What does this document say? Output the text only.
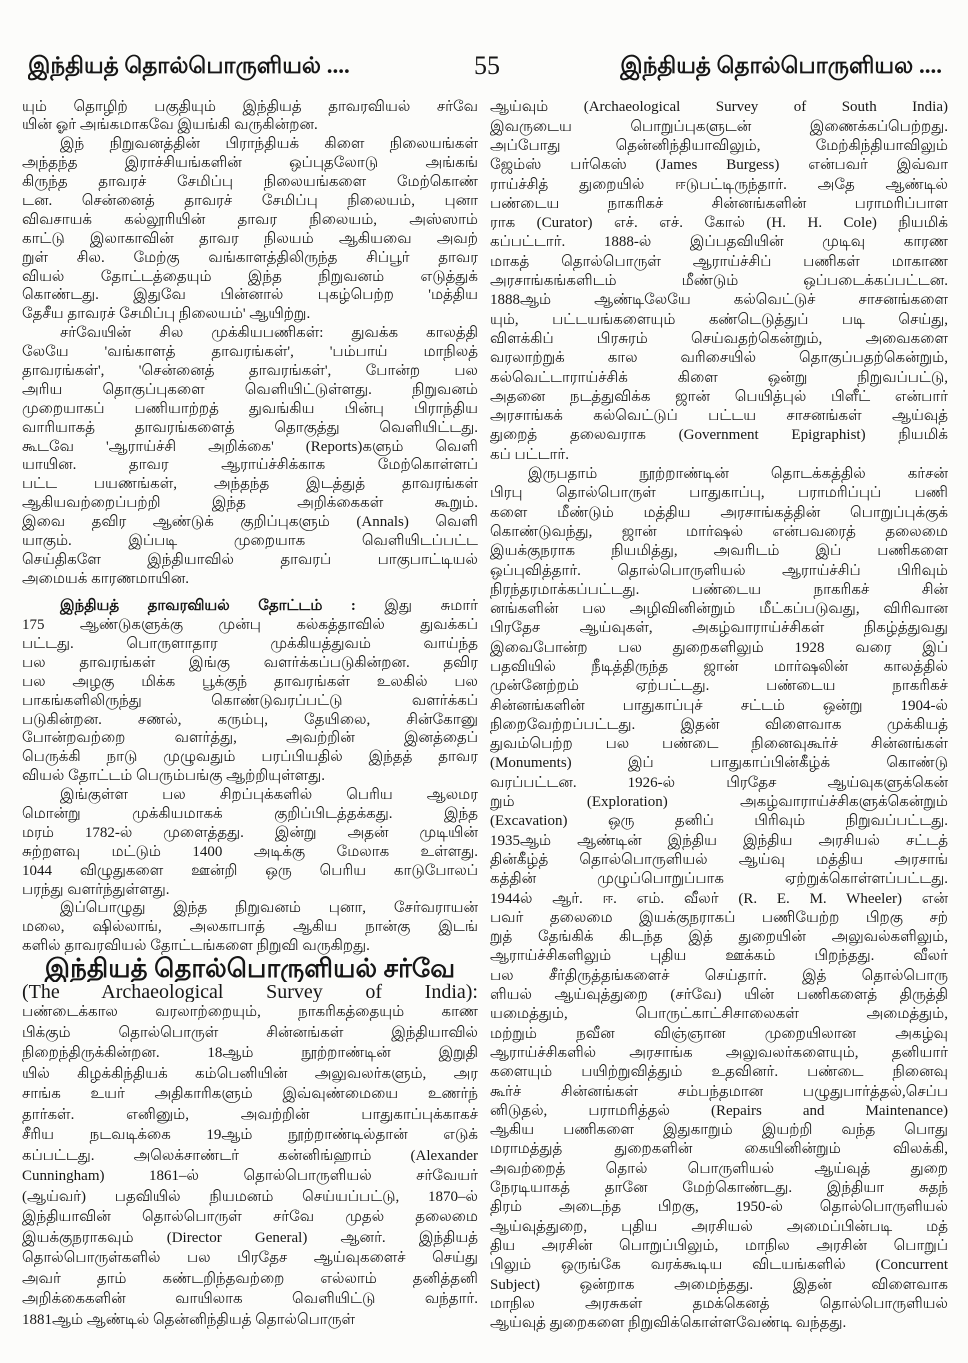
இந்தியத் தொல்பொருளியல் ....	55	இந்தியத் தொல்பொருளியல ....
யும் தொழிற் பகுதியும் இந்தியத் தாவரவியல் சர்வே
யின் ஓர் அங்கமாகவே இயங்கி வருகின்றன.
இந் நிறுவனத்தின் பிராந்தியக் கிளை நிலையங்கள்
அந்தந்த இராச்சியங்களின் ஒப்புதலோடு அங்கங்
கிருந்த தாவரச் சேமிப்பு நிலையங்களை மேற்கொண்
டன. சென்னைத் தாவரச் சேமிப்பு நிலையம், புனா
விவசாயக் கல்லூரியின் தாவர நிலையம், அஸ்ஸாம்
காட்டு இலாகாவின் தாவர நிலயம் ஆகியவை அவற்
றுள் சில. மேற்கு வங்காளத்திலிருந்த சிப்பூர் தாவர
வியல் தோட்டத்தையும் இந்த நிறுவனம் எடுத்துக்
கொண்டது. இதுவே பின்னால் புகழ்பெற்ற 'மத்திய
தேசீய தாவரச் சேமிப்பு நிலையம்' ஆயிற்று.
சர்வேயின் சில முக்கியபணிகள்: துவக்க காலத்தி
லேயே 'வங்காளத் தாவரங்கள்', 'பம்பாய் மாநிலத்
தாவரங்கள்', 'சென்னைத் தாவரங்கள்', போன்ற பல
அரிய தொகுப்புகளை வெளியிட்டுள்ளது. நிறுவனம்
முறையாகப் பணியாற்றத் துவங்கிய பின்பு பிராந்திய
வாரியாகத் தாவரங்களைத் தொகுத்து வெளியிட்டது.
கூடவே 'ஆராய்ச்சி அறிக்கை' (Reports)களும் வெளி
யாயின. தாவர ஆராய்ச்சிக்காக மேற்கொள்ளப்
பட்ட பயணங்கள், அந்தந்த இடத்துத் தாவரங்கள்
ஆகியவற்றைப்பற்றி இந்த அறிக்கைகள் கூறும்.
இவை தவிர ஆண்டுக் குறிப்புகளும் (Annals) வெளி
யாகும். இப்படி முறையாக வெளியிடப்பட்ட
செய்திகளே இந்தியாவில் தாவரப் பாகுபாட்டியல்
அமையக் காரணமாயின.
இந்தியத் தாவரவியல் தோட்டம் : இது சுமார்
175 ஆண்டுகளுக்கு முன்பு கல்கத்தாவில் துவக்கப்
பட்டது. பொருளாதார முக்கியத்துவம் வாய்ந்த
பல தாவரங்கள் இங்கு வளர்க்கப்படுகின்றன. தவிர
பல அழகு மிக்க பூக்குந் தாவரங்கள் உலகில் பல
பாகங்களிலிருந்து கொண்டுவரப்பட்டு வளர்க்கப்
படுகின்றன. சணல், கரும்பு, தேயிலை, சின்கோனு
போன்றவற்றை வளர்த்து, அவற்றின் இனத்தைப்
பெருக்கி நாடு முழுவதும் பரப்பியதில் இந்தத் தாவர
வியல் தோட்டம் பெரும்பங்கு ஆற்றியுள்ளது.
இங்குள்ள பல சிறப்புக்களில் பெரிய ஆலமர
மொன்று முக்கியமாகக் குறிப்பிடத்தக்கது. இந்த
மரம் 1782-ல் முளைத்தது. இன்று அதன் முடியின்
சுற்றளவு மட்டும் 1400 அடிக்கு மேலாக உள்ளது.
1044 விழுதுகளை ஊன்றி ஒரு பெரிய காடுபோலப்
பரந்து வளர்ந்துள்ளது.
இப்பொழுது இந்த நிறுவனம் புனா, சேர்வராயன்
மலை, ஷில்லாங், அலகாபாத் ஆகிய நான்கு இடங்
களில் தாவரவியல் தோட்டங்களை நிறுவி வருகிறது.
இந்தியத் தொல்பொருளியல் சர்வே
(The Archaeological Survey of India):
பண்டைக்கால வரலாற்றையும், நாகரிகத்தையும் காண
பிக்கும் தொல்பொருள் சின்னங்கள் இந்தியாவில்
நிறைந்திருக்கின்றன. 18ஆம் நூற்றாண்டின் இறுதி
யில் கிழக்கிந்தியக் கம்பெனியின் அலுவலர்களும், அர
சாங்க உயர் அதிகாரிகளும் இவ்வுண்மையை உணர்ந்
தார்கள். எனினும், அவற்றின் பாதுகாப்புக்காகச்
சீரிய நடவடிக்கை 19ஆம் நூற்றாண்டில்தான் எடுக்
கப்பட்டது. அலெக்சாண்டர் கன்னிங்ஹாம் (Alexander
Cunningham) 1861–ல் தொல்பொருளியல் சர்வேயர்
(ஆய்வர்) பதவியில் நியமனம் செய்யப்பட்டு, 1870–ல்
இந்தியாவின் தொல்பொருள் சர்வே முதல் தலைமை
இயக்குநராகவும் (Director General) ஆனர். இந்தியத்
தொல்பொருள்களில் பல பிரதேச ஆய்வுகளைச் செய்து
அவர் தாம் கண்டறிந்தவற்றை எல்லாம் தனித்தனி
அறிக்கைகளின் வாயிலாக வெளியிட்டு வந்தார்.
1881ஆம் ஆண்டில் தென்னிந்தியத் தொல்பொருள்
ஆய்வும் (Archaeological Survey of South India)
இவருடைய பொறுப்புகளுடன் இணைக்கப்பெற்றது.
அப்போது தென்னிந்தியாவிலும், மேற்கிந்தியாவிலும்
ஜேம்ஸ் பர்கெஸ் (James Burgess) என்பவர் இவ்வா
ராய்ச்சித் துறையில் ஈடுபட்டிருந்தார். அதே ஆண்டில்
பண்டைய நாகரிகச் சின்னங்களின் பராமரிப்பாள
ராக (Curator) எச். எச். கோல் (H. H. Cole) நியமிக்
கப்பட்டார். 1888-ல் இப்பதவியின் முடிவு காரண
மாகத் தொல்பொருள் ஆராய்ச்சிப் பணிகள் மாகாண
அரசாங்கங்களிடம் மீண்டும் ஒப்படைக்கப்பட்டன.
1888ஆம் ஆண்டிலேயே கல்வெட்டுச் சாசனங்களை
யும், பட்டயங்களையும் கண்டெடுத்துப் படி செய்து,
விளக்கிப் பிரசுரம் செய்வதற்கென்றும், அவைகளை
வரலாற்றுக் கால வரிசையில் தொகுப்பதற்கென்றும்,
கல்வெட்டாராய்ச்சிக் கிளை ஒன்று நிறுவப்பட்டு,
அதனை நடத்துவிக்க ஜான் பெயித்புல் பிளீட் என்பார்
அரசாங்கக் கல்வெட்டுப் பட்டய சாசனங்கள் ஆய்வுத்
துறைத் தலைவராக (Government Epigraphist) நியமிக்
கப் பட்டார்.
இருபதாம் நூற்றாண்டின் தொடக்கத்தில் கர்சன்
பிரபு தொல்பொருள் பாதுகாப்பு, பராமரிப்புப் பணி
களை மீண்டும் மத்திய அரசாங்கத்தின் பொறுப்புக்குக்
கொண்டுவந்து, ஜான் மார்ஷல் என்பவரைத் தலைமை
இயக்குநராக நியமித்து, அவரிடம் இப் பணிகளை
ஒப்புவித்தார். தொல்பொருளியல் ஆராய்ச்சிப் பிரிவும்
நிரந்தரமாக்கப்பட்டது. பண்டைய நாகரிகச் சின்
னங்களின் பல அழிவினின்றும் மீட்கப்படுவது, விரிவான
பிரதேச ஆய்வுகள், அகழ்வாராய்ச்சிகள் நிகழ்த்துவது
இவைபோன்ற பல துறைகளிலும் 1928 வரை இப்
பதவியில் நீடித்திருந்த ஜான் மார்ஷலின் காலத்தில்
முன்னேற்றம் ஏற்பட்டது. பண்டைய நாகரிகச்
சின்னங்களின் பாதுகாப்புச் சட்டம் ஒன்று 1904-ல்
நிறைவேற்றப்பட்டது. இதன் விளைவாக முக்கியத்
துவம்பெற்ற பல பண்டை நினைவுகூர்ச் சின்னங்கள்
(Monuments) இப் பாதுகாப்பின்கீழ்க் கொண்டு
வரப்பட்டன. 1926-ல் பிரதேச ஆய்வுகளுக்கென்
றும் (Exploration) அகழ்வாராய்ச்சிகளுக்கென்றும்
(Excavation) ஒரு தனிப் பிரிவும் நிறுவப்பட்டது.
1935ஆம் ஆண்டின் இந்திய இந்திய அரசியல் சட்டத்
தின்கீழ்த் தொல்பொருளியல் ஆய்வு மத்திய அரசாங்
கத்தின் முழுப்பொறுப்பாக ஏற்றுக்கொள்ளப்பட்டது.
1944ல் ஆர். ஈ. எம். வீலர் (R. E. M. Wheeler) என்
பவர் தலைமை இயக்குநராகப் பணியேற்ற பிறகு சற்
றுத் தேங்கிக் கிடந்த இத் துறையின் அலுவல்களிலும்,
ஆராய்ச்சிகளிலும் புதிய ஊக்கம் பிறந்தது. வீலர்
பல சீர்திருத்தங்களைச் செய்தார். இத் தொல்பொரு
ளியல் ஆய்வுத்துறை (சர்வே) யின் பணிகளைத் திருத்தி
யமைத்தும், பொருட்காட்சிசாலைகள் அமைத்தும்,
மற்றும் நவீன விஞ்ஞான முறையிலான அகழ்வு
ஆராய்ச்சிகளில் அரசாங்க அலுவலர்களையும், தனியார்
களையும் பயிற்றுவித்தும் உதவினர். பண்டை நினைவு
கூர்ச் சின்னங்கள் சம்பந்தமான பழுதுபார்த்தல்,செப்ப
னிடுதல், பராமரித்தல் (Repairs and Maintenance)
ஆகிய பணிகளை இதுகாறும் இயற்றி வந்த பொது
மராமத்துத் துறைகளின் கையினின்றும் விலக்கி,
அவற்றைத் தொல் பொருளியல் ஆய்வுத் துறை
நேரடியாகத் தானே மேற்கொண்டது. இந்தியா சுதந்
திரம் அடைந்த பிறகு, 1950-ல் தொல்பொருளியல்
ஆய்வுத்துறை, புதிய அரசியல் அமைப்பின்படி மத்
திய அரசின் பொறுப்பிலும், மாநில அரசின் பொறுப்
பிலும் ஒருங்கே வரக்கூடிய விடயங்களில் (Concurrent
Subject) ஒன்றாக அமைந்தது. இதன் விளைவாக
மாநில அரசுகள் தமக்கெனத் தொல்பொருளியல்
ஆய்வுத் துறைகளை நிறுவிக்கொள்ளவேண்டி வந்தது.
